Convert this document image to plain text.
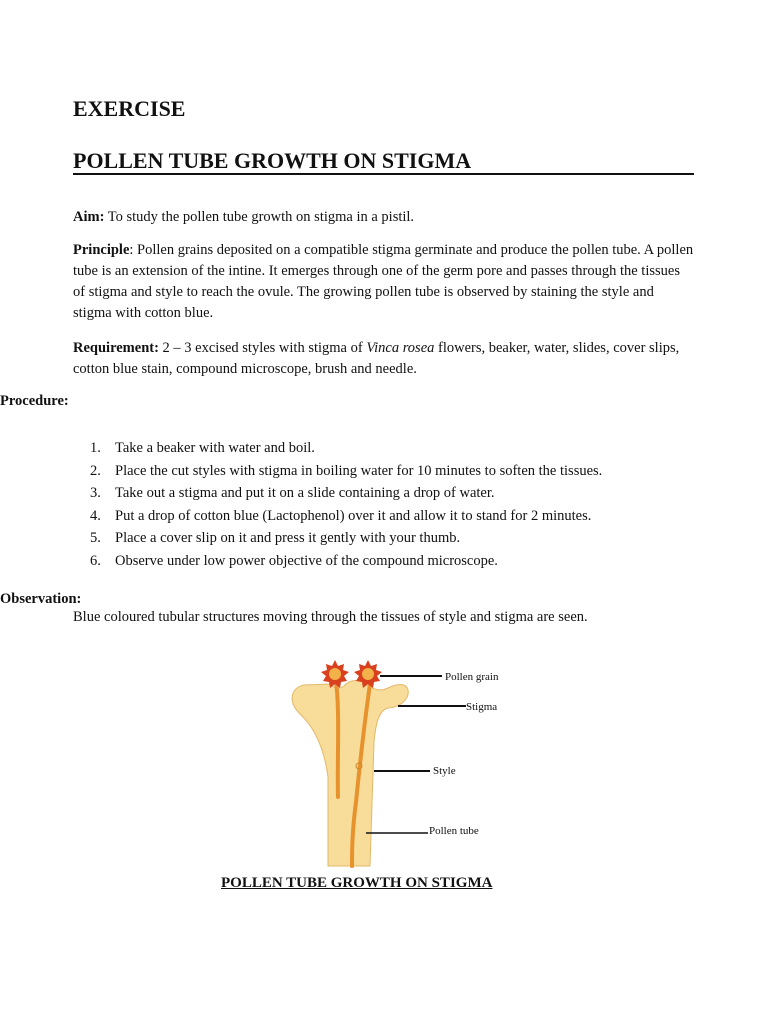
EXERCISE
POLLEN TUBE GROWTH ON STIGMA

Aim: To study the pollen tube growth on stigma in a pistil.

Principle: Pollen grains deposited on a compatible stigma germinate and produce the pollen tube. A pollen tube is an extension of the intine. It emerges through one of the germ pore and passes through the tissues of stigma and style to reach the ovule. The growing pollen tube is observed by staining the style and stigma with cotton blue.

Requirement: 2 – 3 excised styles with stigma of Vinca rosea flowers, beaker, water, slides, cover slips, cotton blue stain, compound microscope, brush and needle.

Procedure:
1. Take a beaker with water and boil.
2. Place the cut styles with stigma in boiling water for 10 minutes to soften the tissues.
3. Take out a stigma and put it on a slide containing a drop of water.
4. Put a drop of cotton blue (Lactophenol) over it and allow it to stand for 2 minutes.
5. Place a cover slip on it and press it gently with your thumb.
6. Observe under low power objective of the compound microscope.
Observation:

Blue coloured tubular structures moving through the tissues of style and stigma are seen.

Pollen grain
Stigma
Style
Pollen tube
POLLEN TUBE GROWTH ON STIGMA
